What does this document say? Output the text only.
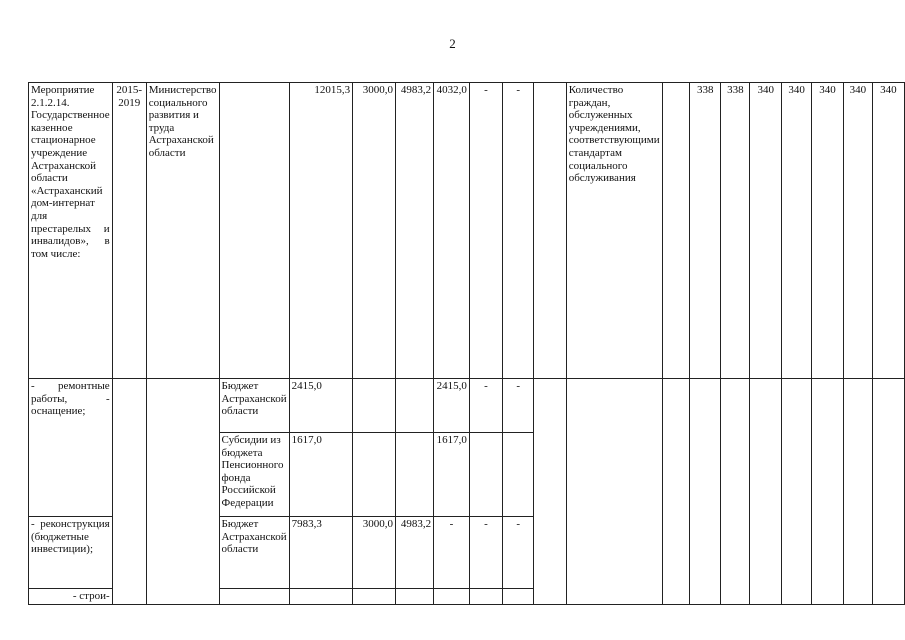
2
Мероприятие 2.1.2.14. Государственное казенное стационарное учреждение Астраханской области «Астраханский дом-интернат для престарелых и инвалидов», в том числе:	2015-2019	Министерство социального развития и труда Астраханской области		12015,3	3000,0	4983,2	4032,0	-	-		Количество граждан, обслуженных учреждениями, соответствующими стандартам социального обслуживания		338	338	340	340	340	340	340
- ремонтные работы, - оснащение;			Бюджет Астраханской области	2415,0			2415,0	-	-										
			Субсидии из бюджета Пенсионного фонда Российской Федерации	1617,0			1617,0												
- реконструкция (бюджетные инвестиции);			Бюджет Астраханской области	7983,3	3000,0	4983,2	-	-	-										
- строи-																			
